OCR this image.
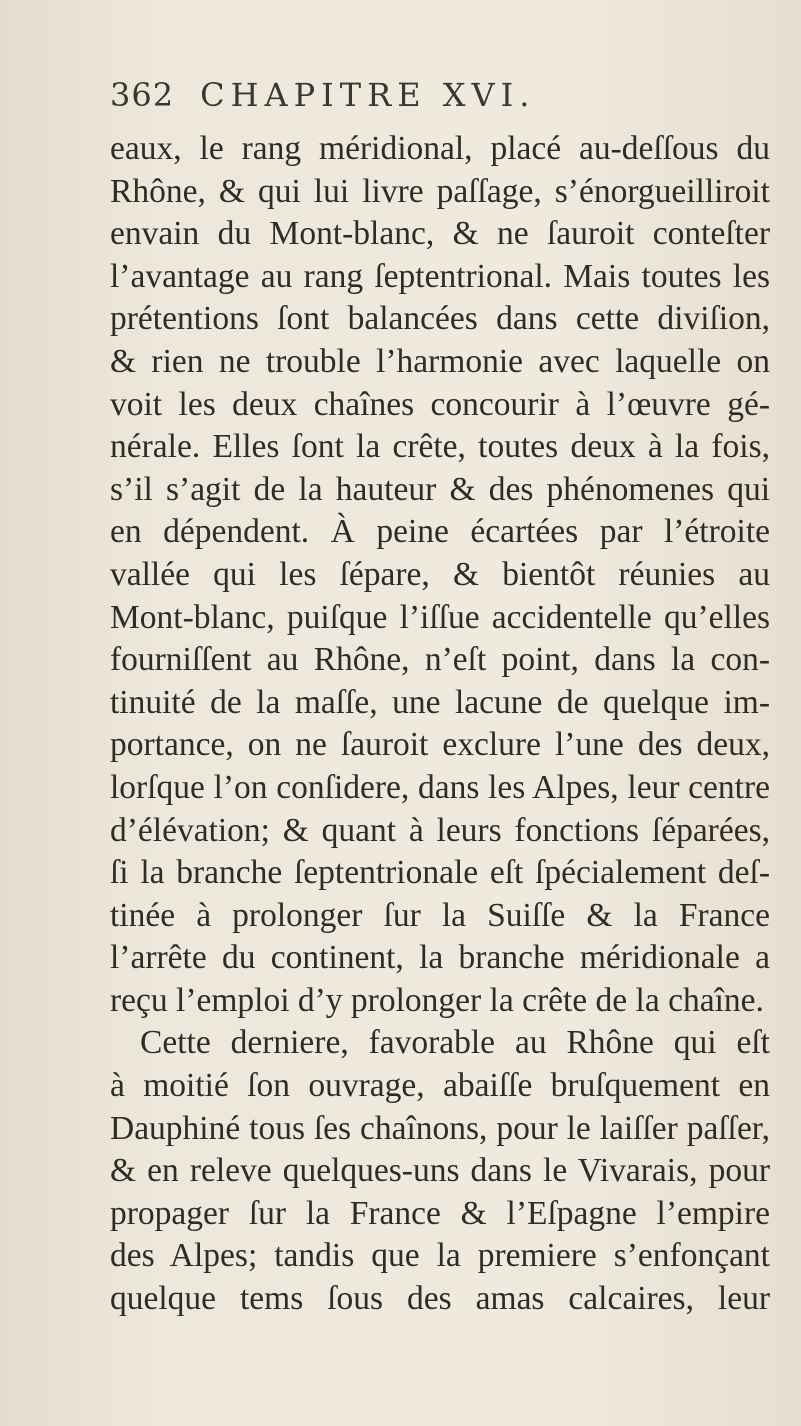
362 CHAPITRE XVI.
eaux, le rang méridional, placé au-deſſous du
Rhône, & qui lui livre paſſage, s’énorgueilliroit
envain du Mont-blanc, & ne ſauroit conteſter
l’avantage au rang ſeptentrional. Mais toutes les
prétentions ſont balancées dans cette diviſion,
& rien ne trouble l’harmonie avec laquelle on
voit les deux chaînes concourir à l’œuvre gé-
nérale. Elles ſont la crête, toutes deux à la fois,
s’il s’agit de la hauteur & des phénomenes qui
en dépendent. À peine écartées par l’étroite
vallée qui les ſépare, & bientôt réunies au
Mont-blanc, puiſque l’iſſue accidentelle qu’elles
fourniſſent au Rhône, n’eſt point, dans la con-
tinuité de la maſſe, une lacune de quelque im-
portance, on ne ſauroit exclure l’une des deux,
lorſque l’on conſidere, dans les Alpes, leur centre
d’élévation; & quant à leurs fonctions ſéparées,
ſi la branche ſeptentrionale eſt ſpécialement deſ-
tinée à prolonger ſur la Suiſſe & la France
l’arrête du continent, la branche méridionale a
reçu l’emploi d’y prolonger la crête de la chaîne.
Cette derniere, favorable au Rhône qui eſt
à moitié ſon ouvrage, abaiſſe bruſquement en
Dauphiné tous ſes chaînons, pour le laiſſer paſſer,
& en releve quelques-uns dans le Vivarais, pour
propager ſur la France & l’Eſpagne l’empire
des Alpes; tandis que la premiere s’enfonçant
quelque tems ſous des amas calcaires, leur
